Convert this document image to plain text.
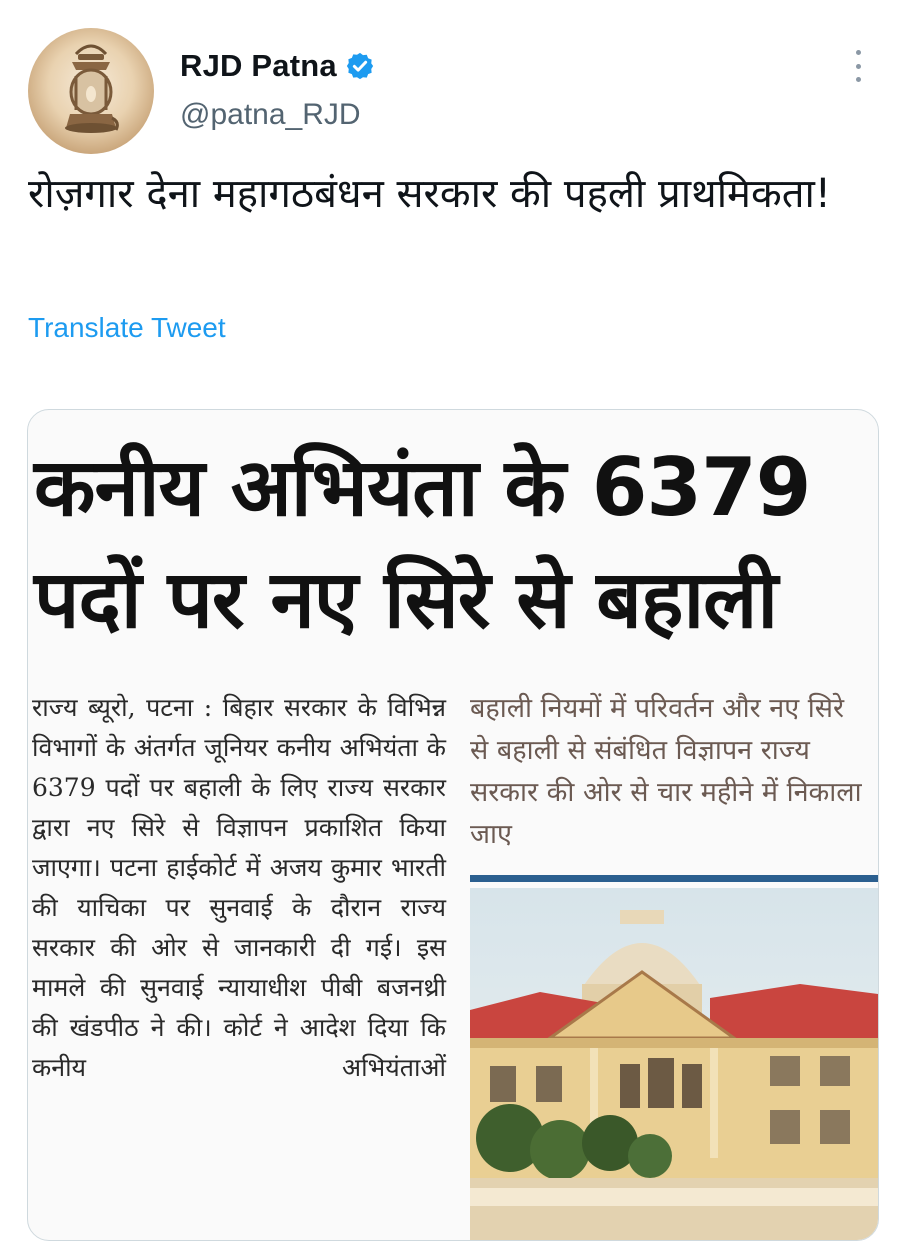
RJD Patna
@patna_RJD
रोज़गार देना महागठबंधन सरकार की पहली प्राथमिकता!
Translate Tweet
कनीय अभियंता के 6379 पदों पर नए सिरे से बहाली

राज्य ब्यूरो, पटना : बिहार सरकार के विभिन्न विभागों के अंतर्गत जूनियर कनीय अभियंता के 6379 पदों पर बहाली के लिए राज्य सरकार द्वारा नए सिरे से विज्ञापन प्रकाशित किया जाएगा। पटना हाईकोर्ट में अजय कुमार भारती की याचिका पर सुनवाई के दौरान राज्य सरकार की ओर से जानकारी दी गई। इस मामले की सुनवाई न्यायाधीश पीबी बजनथ्री की खंडपीठ ने की। कोर्ट ने आदेश दिया कि कनीय अभियंताओं

बहाली नियमों में परिवर्तन और नए सिरे से बहाली से संबंधित विज्ञापन राज्य सरकार की ओर से चार महीने में निकाला जाए
